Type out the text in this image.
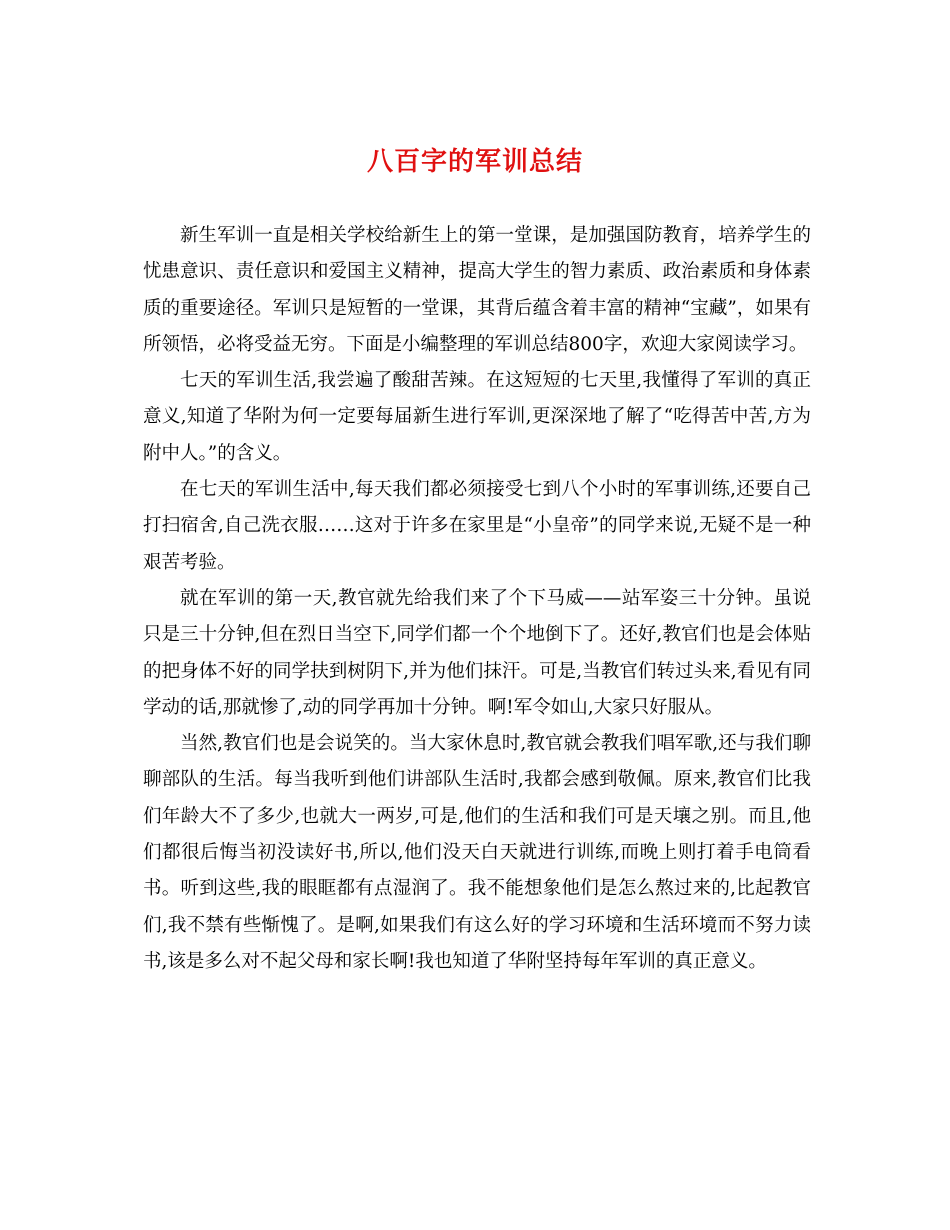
八百字的军训总结

新生军训一直是相关学校给新生上的第一堂课，是加强国防教育，培养学生的忧患意识、责任意识和爱国主义精神，提高大学生的智力素质、政治素质和身体素质的重要途径。军训只是短暂的一堂课，其背后蕴含着丰富的精神“宝藏”，如果有所领悟，必将受益无穷。下面是小编整理的军训总结800字，欢迎大家阅读学习。

七天的军训生活,我尝遍了酸甜苦辣。在这短短的七天里,我懂得了军训的真正意义,知道了华附为何一定要每届新生进行军训,更深深地了解了“吃得苦中苦,方为附中人。”的含义。

在七天的军训生活中,每天我们都必须接受七到八个小时的军事训练,还要自己打扫宿舍,自己洗衣服……这对于许多在家里是“小皇帝”的同学来说,无疑不是一种艰苦考验。

就在军训的第一天,教官就先给我们来了个下马威——站军姿三十分钟。虽说只是三十分钟,但在烈日当空下,同学们都一个个地倒下了。还好,教官们也是会体贴的把身体不好的同学扶到树阴下,并为他们抹汗。可是,当教官们转过头来,看见有同学动的话,那就惨了,动的同学再加十分钟。啊!军令如山,大家只好服从。

当然,教官们也是会说笑的。当大家休息时,教官就会教我们唱军歌,还与我们聊聊部队的生活。每当我听到他们讲部队生活时,我都会感到敬佩。原来,教官们比我们年龄大不了多少,也就大一两岁,可是,他们的生活和我们可是天壤之别。而且,他们都很后悔当初没读好书,所以,他们没天白天就进行训练,而晚上则打着手电筒看书。听到这些,我的眼眶都有点湿润了。我不能想象他们是怎么熬过来的,比起教官们,我不禁有些惭愧了。是啊,如果我们有这么好的学习环境和生活环境而不努力读书,该是多么对不起父母和家长啊!我也知道了华附坚持每年军训的真正意义。
